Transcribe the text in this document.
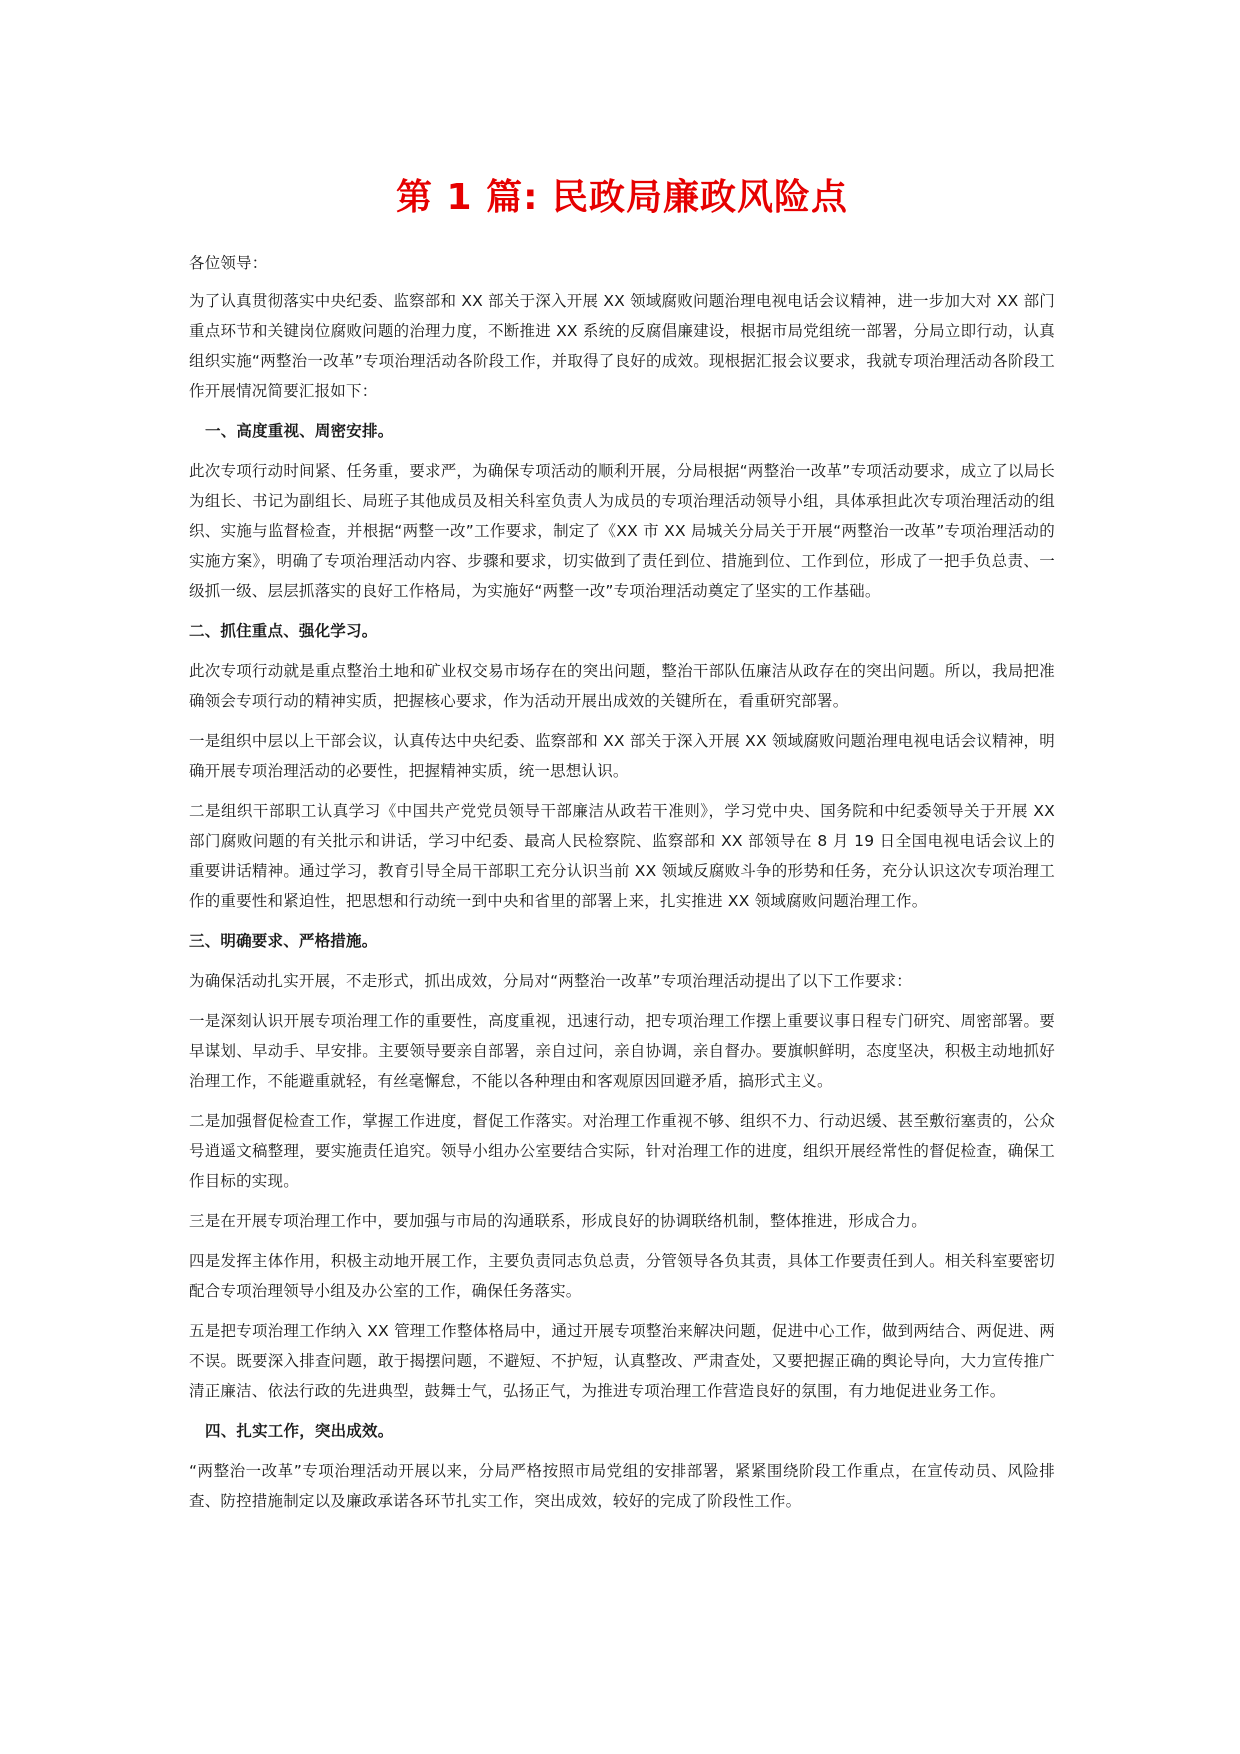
第 1 篇: 民政局廉政风险点

各位领导：

为了认真贯彻落实中央纪委、监察部和 XX 部关于深入开展 XX 领域腐败问题治理电视电话会议精神，进一步加大对 XX 部门重点环节和关键岗位腐败问题的治理力度，不断推进 XX 系统的反腐倡廉建设，根据市局党组统一部署，分局立即行动，认真组织实施“两整治一改革”专项治理活动各阶段工作，并取得了良好的成效。现根据汇报会议要求，我就专项治理活动各阶段工作开展情况简要汇报如下：

一、高度重视、周密安排。

此次专项行动时间紧、任务重，要求严，为确保专项活动的顺利开展，分局根据“两整治一改革”专项活动要求，成立了以局长为组长、书记为副组长、局班子其他成员及相关科室负责人为成员的专项治理活动领导小组，具体承担此次专项治理活动的组织、实施与监督检查，并根据“两整一改”工作要求，制定了《XX 市 XX 局城关分局关于开展“两整治一改革”专项治理活动的实施方案》，明确了专项治理活动内容、步骤和要求，切实做到了责任到位、措施到位、工作到位，形成了一把手负总责、一级抓一级、层层抓落实的良好工作格局，为实施好“两整一改”专项治理活动奠定了坚实的工作基础。

二、抓住重点、强化学习。

此次专项行动就是重点整治土地和矿业权交易市场存在的突出问题，整治干部队伍廉洁从政存在的突出问题。所以，我局把准确领会专项行动的精神实质，把握核心要求，作为活动开展出成效的关键所在，看重研究部署。

一是组织中层以上干部会议，认真传达中央纪委、监察部和 XX 部关于深入开展 XX 领域腐败问题治理电视电话会议精神，明确开展专项治理活动的必要性，把握精神实质，统一思想认识。

二是组织干部职工认真学习《中国共产党党员领导干部廉洁从政若干准则》，学习党中央、国务院和中纪委领导关于开展 XX 部门腐败问题的有关批示和讲话，学习中纪委、最高人民检察院、监察部和 XX 部领导在 8 月 19 日全国电视电话会议上的重要讲话精神。通过学习，教育引导全局干部职工充分认识当前 XX 领域反腐败斗争的形势和任务，充分认识这次专项治理工作的重要性和紧迫性，把思想和行动统一到中央和省里的部署上来，扎实推进 XX 领域腐败问题治理工作。

三、明确要求、严格措施。

为确保活动扎实开展，不走形式，抓出成效，分局对“两整治一改革”专项治理活动提出了以下工作要求：

一是深刻认识开展专项治理工作的重要性，高度重视，迅速行动，把专项治理工作摆上重要议事日程专门研究、周密部署。要早谋划、早动手、早安排。主要领导要亲自部署，亲自过问，亲自协调，亲自督办。要旗帜鲜明，态度坚决，积极主动地抓好治理工作，不能避重就轻，有丝毫懈怠，不能以各种理由和客观原因回避矛盾，搞形式主义。

二是加强督促检查工作，掌握工作进度，督促工作落实。对治理工作重视不够、组织不力、行动迟缓、甚至敷衍塞责的，公众号逍遥文稿整理，要实施责任追究。领导小组办公室要结合实际，针对治理工作的进度，组织开展经常性的督促检查，确保工作目标的实现。

三是在开展专项治理工作中，要加强与市局的沟通联系，形成良好的协调联络机制，整体推进，形成合力。

四是发挥主体作用，积极主动地开展工作，主要负责同志负总责，分管领导各负其责，具体工作要责任到人。相关科室要密切配合专项治理领导小组及办公室的工作，确保任务落实。

五是把专项治理工作纳入 XX 管理工作整体格局中，通过开展专项整治来解决问题，促进中心工作，做到两结合、两促进、两不误。既要深入排查问题，敢于揭摆问题，不避短、不护短，认真整改、严肃查处，又要把握正确的舆论导向，大力宣传推广清正廉洁、依法行政的先进典型，鼓舞士气，弘扬正气，为推进专项治理工作营造良好的氛围，有力地促进业务工作。

四、扎实工作，突出成效。

“两整治一改革”专项治理活动开展以来，分局严格按照市局党组的安排部署，紧紧围绕阶段工作重点，在宣传动员、风险排查、防控措施制定以及廉政承诺各环节扎实工作，突出成效，较好的完成了阶段性工作。
